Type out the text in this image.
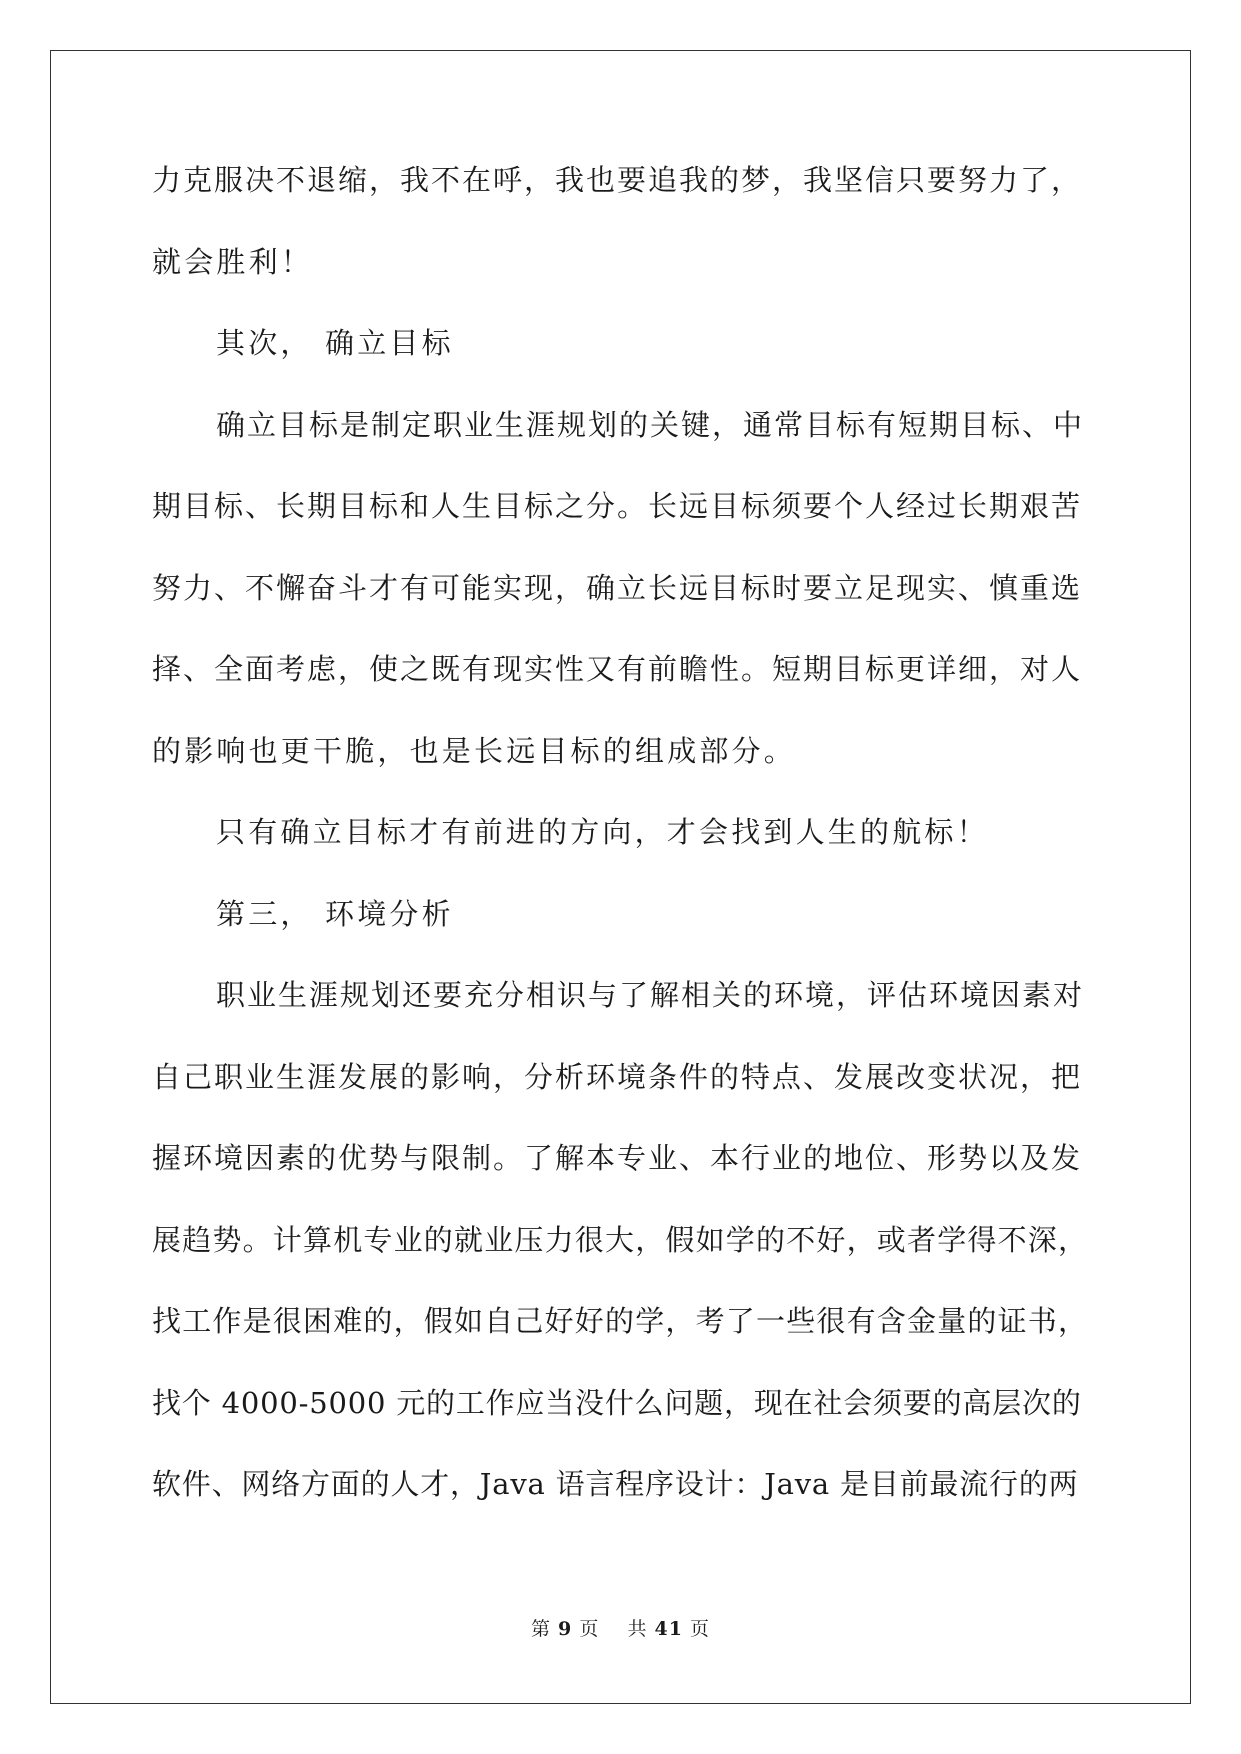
力克服决不退缩，我不在呼，我也要追我的梦，我坚信只要努力了，
就会胜利！
其次， 确立目标
确立目标是制定职业生涯规划的关键，通常目标有短期目标、中
期目标、长期目标和人生目标之分。长远目标须要个人经过长期艰苦
努力、不懈奋斗才有可能实现，确立长远目标时要立足现实、慎重选
择、全面考虑，使之既有现实性又有前瞻性。短期目标更详细，对人
的影响也更干脆，也是长远目标的组成部分。
只有确立目标才有前进的方向，才会找到人生的航标！
第三， 环境分析
职业生涯规划还要充分相识与了解相关的环境，评估环境因素对
自己职业生涯发展的影响，分析环境条件的特点、发展改变状况，把
握环境因素的优势与限制。了解本专业、本行业的地位、形势以及发
展趋势。计算机专业的就业压力很大，假如学的不好，或者学得不深，
找工作是很困难的，假如自己好好的学，考了一些很有含金量的证书，
找个 4000-5000 元的工作应当没什么问题，现在社会须要的高层次的
软件、网络方面的人才，Java 语言程序设计：Java 是目前最流行的两
第 9 页 共 41 页
